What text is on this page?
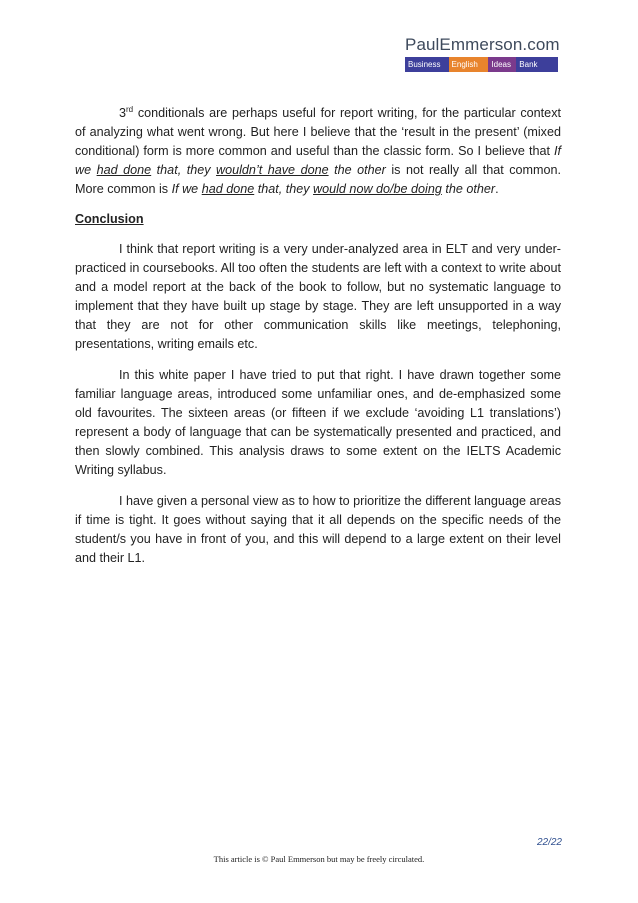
PaulEmmerson.com
Business	English	Ideas	Bank

3rd conditionals are perhaps useful for report writing, for the particular context of analyzing what went wrong. But here I believe that the ‘result in the present’ (mixed conditional) form is more common and useful than the classic form. So I believe that If we had done that, they wouldn’t have done the other is not really all that common. More common is If we had done that, they would now do/be doing the other.

Conclusion

I think that report writing is a very under-analyzed area in ELT and very under-practiced in coursebooks. All too often the students are left with a context to write about and a model report at the back of the book to follow, but no systematic language to implement that they have built up stage by stage. They are left unsupported in a way that they are not for other communication skills like meetings, telephoning, presentations, writing emails etc.

In this white paper I have tried to put that right. I have drawn together some familiar language areas, introduced some unfamiliar ones, and de-emphasized some old favourites. The sixteen areas (or fifteen if we exclude ‘avoiding L1 translations’) represent a body of language that can be systematically presented and practiced, and then slowly combined. This analysis draws to some extent on the IELTS Academic Writing syllabus.

I have given a personal view as to how to prioritize the different language areas if time is tight. It goes without saying that it all depends on the specific needs of the student/s you have in front of you, and this will depend to a large extent on their level and their L1.

22/22
This article is © Paul Emmerson but may be freely circulated.
